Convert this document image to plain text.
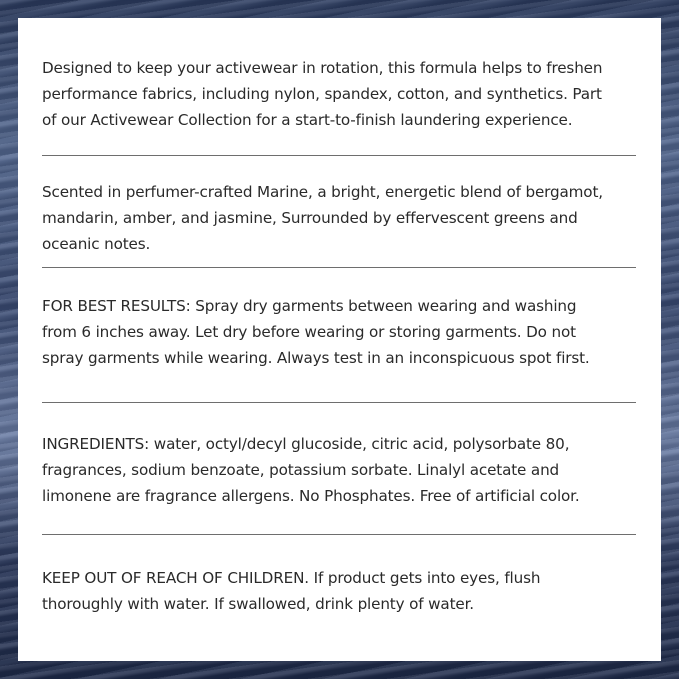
Designed to keep your activewear in rotation, this formula helps to freshen
performance fabrics, including nylon, spandex, cotton, and synthetics. Part
of our Activewear Collection for a start-to-finish laundering experience.

Scented in perfumer-crafted Marine, a bright, energetic blend of bergamot,
mandarin, amber, and jasmine, Surrounded by effervescent greens and
oceanic notes.

FOR BEST RESULTS: Spray dry garments between wearing and washing
from 6 inches away. Let dry before wearing or storing garments. Do not
spray garments while wearing. Always test in an inconspicuous spot first.

INGREDIENTS: water, octyl/decyl glucoside, citric acid, polysorbate 80,
fragrances, sodium benzoate, potassium sorbate. Linalyl acetate and
limonene are fragrance allergens. No Phosphates. Free of artificial color.

KEEP OUT OF REACH OF CHILDREN. If product gets into eyes, flush
thoroughly with water. If swallowed, drink plenty of water.
